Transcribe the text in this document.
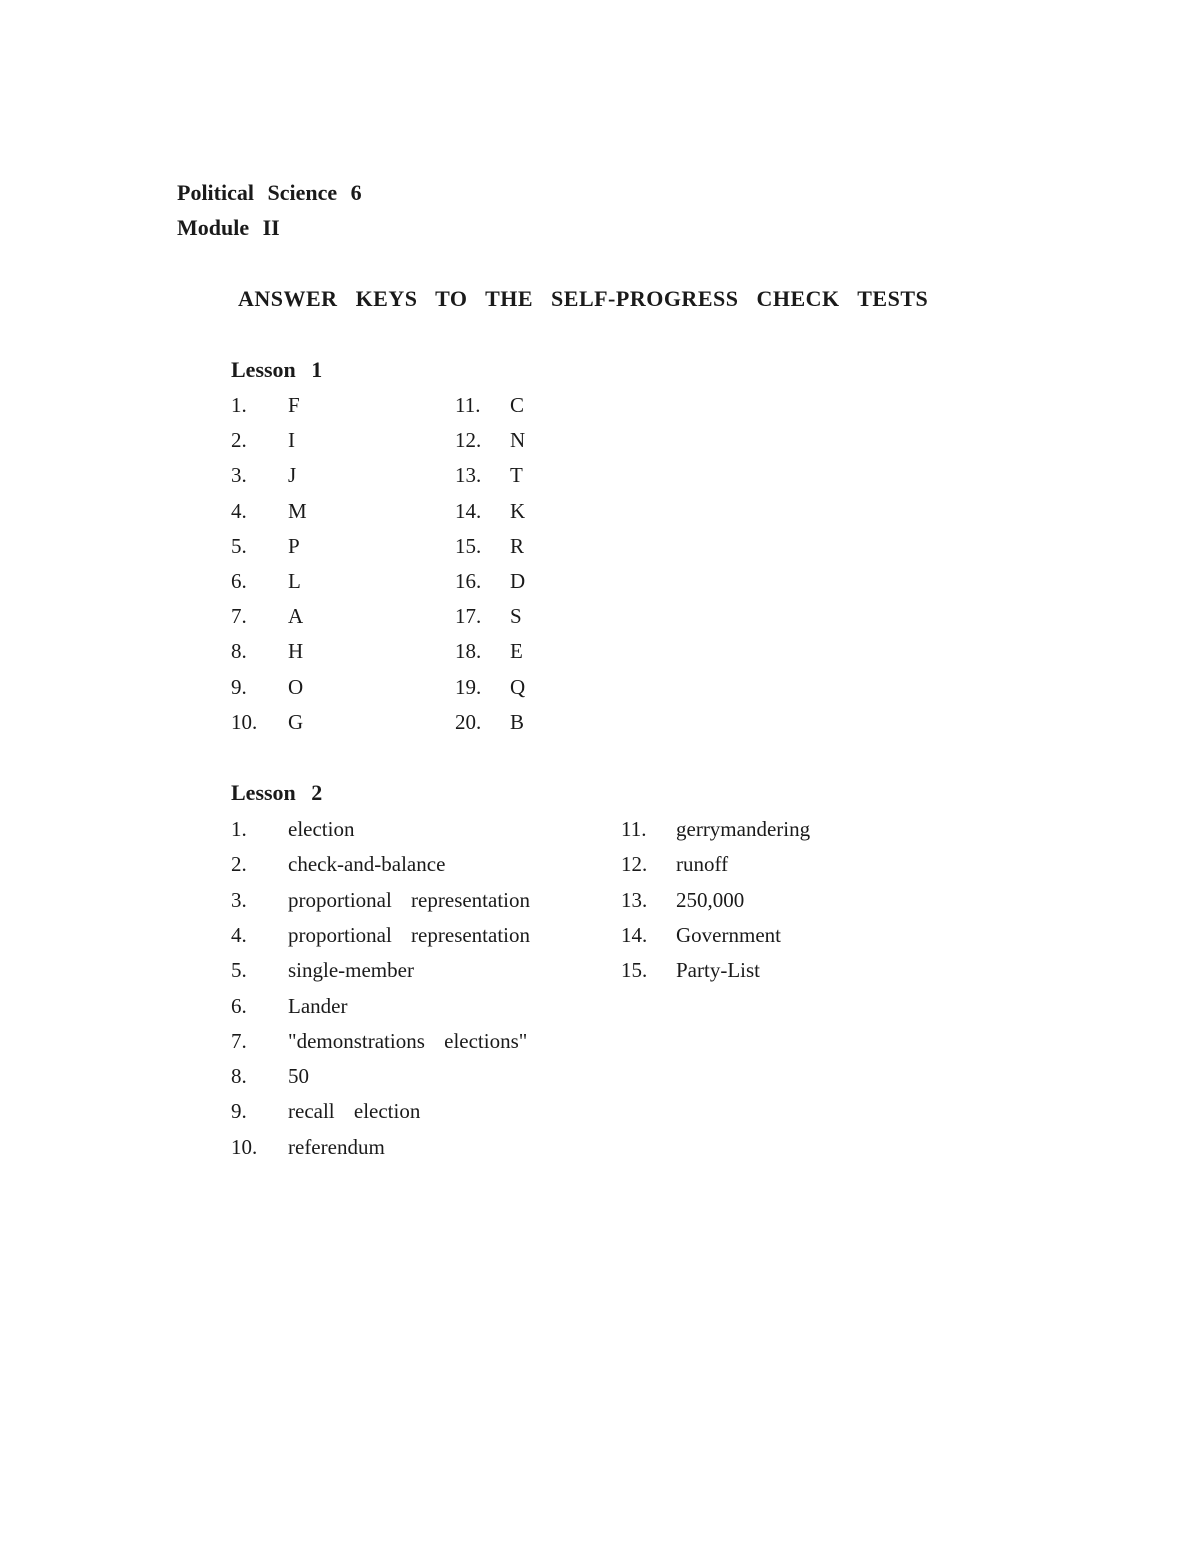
Political Science 6
Module II
ANSWER KEYS TO THE SELF-PROGRESS CHECK TESTS
Lesson 1
1. F
2. I
3. J
4. M
5. P
6. L
7. A
8. H
9. O
10. G
11. C
12. N
13. T
14. K
15. R
16. D
17. S
18. E
19. Q
20. B
Lesson 2
1. election
2. check-and-balance
3. proportional representation
4. proportional representation
5. single-member
6. Lander
7. "demonstrations elections"
8. 50
9. recall election
10. referendum
11. gerrymandering
12. runoff
13. 250,000
14. Government
15. Party-List
